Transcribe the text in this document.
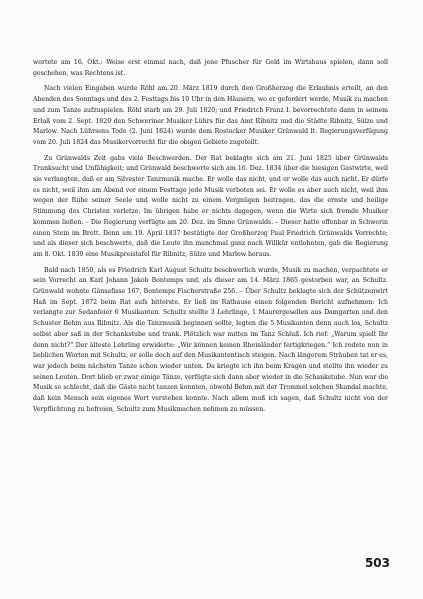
wortete am 16. Okt.: Weise erst einmal nach, daß jene Pfuscher für Geld im Wirtshaus spielen, dann soll geschehen, was Rechtens ist.

Nach vielen Eingaben wurde Röhl am 20. März 1819 durch den Großherzog die Erlaubnis erteilt, an den Abenden des Sonntags und des 2. Festtags bis 10 Uhr in den Häusern, wo er gefordert werde, Musik zu machen und zum Tanze aufzuspielen. Röhl starb am 29. Juli 1820; und Friedrich Franz I. bevorrechtete dann in seinem Erlaß vom 2. Sept. 1820 den Schweriner Musiker Lührs für das Amt Ribnitz und die Städte Ribnitz, Sülze und Marlow. Nach Lührsens Tode (2. Juni 1824) wurde dem Rostocker Musiker Grünwald lt. Regierungsverfügung vom 20. Juli 1824 das Musikervorrecht für die obigen Gebiete zugeteilt.

Zu Grünwalds Zeit gabs viele Beschwerden. Der Rat beklagte sich am 21. Juni 1825 über Grünwalds Trunksucht und Unfähigkeit; und Grünwald beschwerte sich am 16. Dez. 1834 über die hiesigen Gastwirte, weil sie verlangten, daß er am Silvester Tanzmusik mache. Er wolle das nicht, und er wolle das auch nicht. Er dürfe es nicht, weil ihm am Abend vor einem Festtage jede Musik verboten sei. Er wolle es aber auch nicht, weil ihm wegen der Ruhe seiner Seele und wolle nicht zu einem Vergnügen beitragen, das die ernste und heilige Stimmung des Christen verletze. Im übrigen habe er nichts dagegen, wenn die Wirte sich fremde Musiker kommen ließen. – Die Regierung verfügte am 20. Dez. im Sinne Grünwalds. – Dieser hatte offenbar in Schwerin einen Stein im Brett. Denn am 19. April 1837 bestätigte der Großherzog Paul Friedrich Grünwalds Vorrechte; und als dieser sich beschwerte, daß die Leute ihn manchmal ganz nach Willkür entlohnten, gab die Regierung am 8. Okt. 1839 eine Musikpreistafel für Ribnitz, Sülze und Marlow heraus.

Bald nach 1850, als es Friedrich Karl August Schultz beschwerlich wurde, Musik zu machen, verpachtete er sein Vorrecht an Karl Johann Jakob Bontemps und, als dieser am 14. März 1865 gestorben war, an Schultz. Grünwald wohnte Gänsefisse 167, Bontemps Fischerstraße 256. – Über Schultz beklagte sich der Schützenwirt Haß im Sept. 1872 beim Rat aufs bitterste. Er ließ im Rathause einen folgenden Bericht aufnehmen: Ich verlangte zur Sedanfeier 6 Musikanten. Schultz stellte 3 Lehrlinge, 1 Maurergesellen aus Damgarten und den Schuster Behm aus Ribnitz. Als die Tanzmusik beginnen sollte, legten die 5 Musikanten denn auch los, Schultz selbst aber saß in der Schankstube und trank. Plötzlich war mitten im Tanz Schluß. Ich rief: „Warum spielt Ihr denn nicht?“ Der älteste Lehrling erwiderte: „Wir können keinen Rheinländer fertigkriegen.“ Ich redete nun in lieblichen Worten mit Schultz, er solle doch auf den Musikantentisch steigen. Nach längerem Sträuben tat er es, war jedoch beim nächsten Tanze schon wieder unten. Da kriegte ich ihn beim Kragen und stellte ihn wieder zu seinen Leuten. Dort blieb er zwar einige Tänze, verfügte sich dann aber wieder in die Schankstube. Nun war die Musik so schlecht, daß die Gäste nicht tanzen konnten, obwohl Behm mit der Trommel solchen Skandal machte, daß kein Mensch sein eigenes Wort verstehen konnte. Nach allem muß ich sagen, daß Schultz nicht von der Verpflichtung zu befreien, Schultz zum Musikmachen nehmen zu müssen.

503
